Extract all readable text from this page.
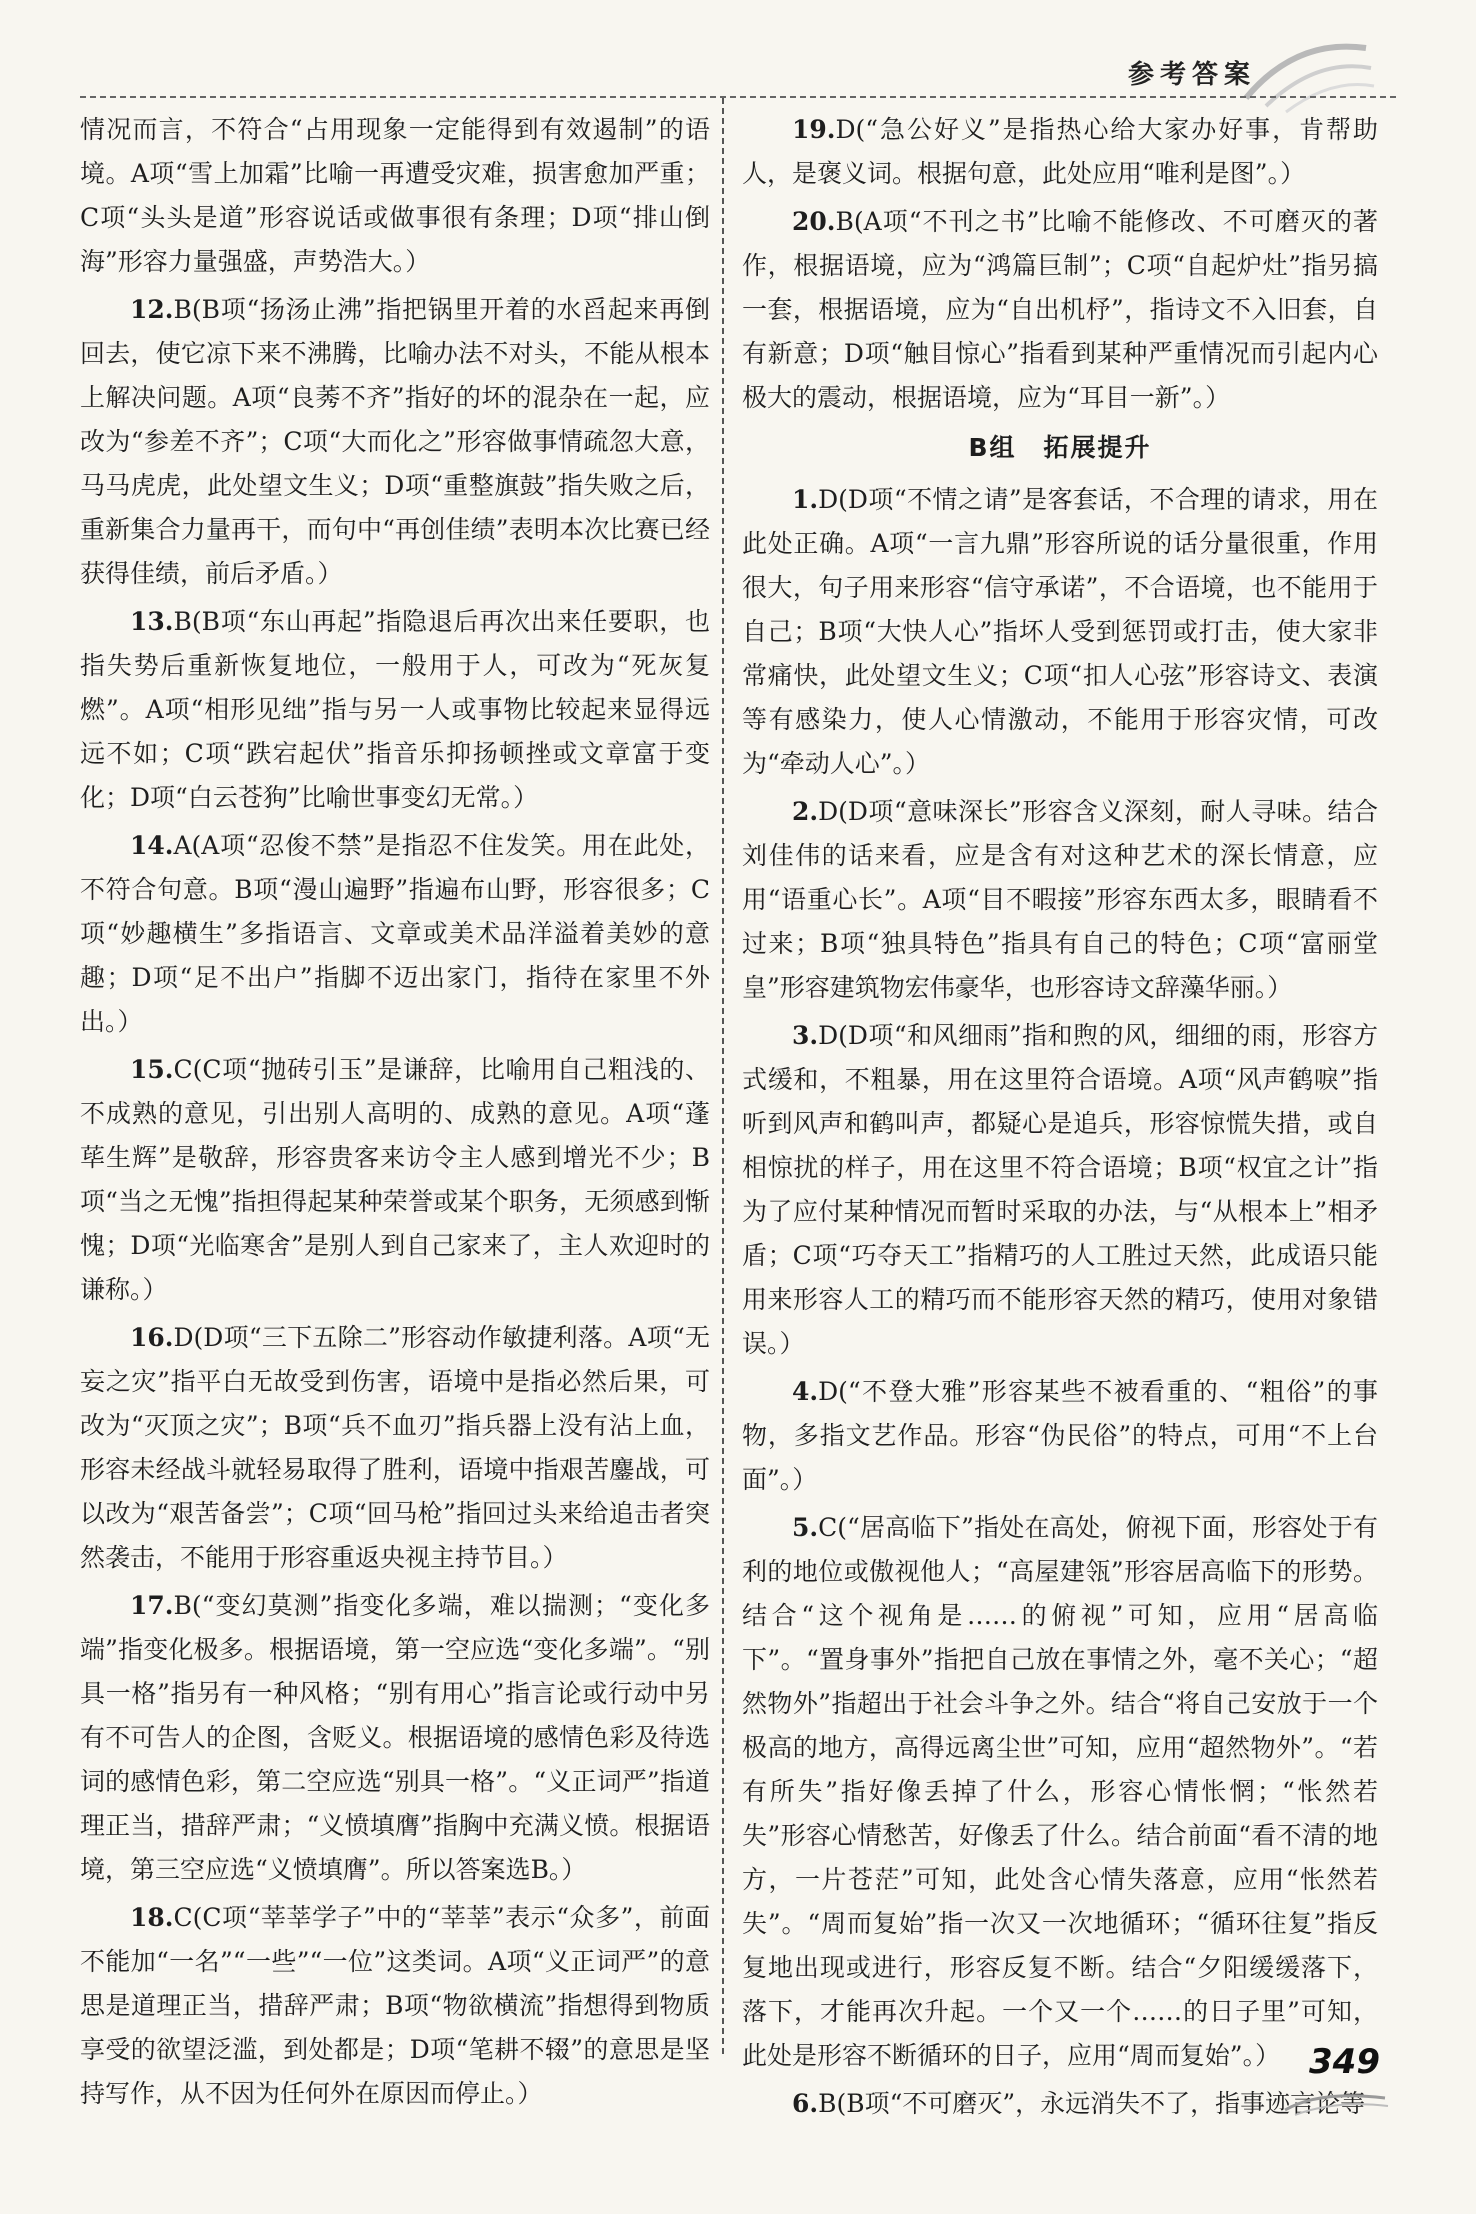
参考答案

情况而言，不符合“占用现象一定能得到有效遏制”的语境。A项“雪上加霜”比喻一再遭受灾难，损害愈加严重；C项“头头是道”形容说话或做事很有条理；D项“排山倒海”形容力量强盛，声势浩大。）

12.B(B项“扬汤止沸”指把锅里开着的水舀起来再倒回去，使它凉下来不沸腾，比喻办法不对头，不能从根本上解决问题。A项“良莠不齐”指好的坏的混杂在一起，应改为“参差不齐”；C项“大而化之”形容做事情疏忽大意，马马虎虎，此处望文生义；D项“重整旗鼓”指失败之后，重新集合力量再干，而句中“再创佳绩”表明本次比赛已经获得佳绩，前后矛盾。）

13.B(B项“东山再起”指隐退后再次出来任要职，也指失势后重新恢复地位，一般用于人，可改为“死灰复燃”。A项“相形见绌”指与另一人或事物比较起来显得远远不如；C项“跌宕起伏”指音乐抑扬顿挫或文章富于变化；D项“白云苍狗”比喻世事变幻无常。）

14.A(A项“忍俊不禁”是指忍不住发笑。用在此处，不符合句意。B项“漫山遍野”指遍布山野，形容很多；C项“妙趣横生”多指语言、文章或美术品洋溢着美妙的意趣；D项“足不出户”指脚不迈出家门，指待在家里不外出。）

15.C(C项“抛砖引玉”是谦辞，比喻用自己粗浅的、不成熟的意见，引出别人高明的、成熟的意见。A项“蓬荜生辉”是敬辞，形容贵客来访令主人感到增光不少；B项“当之无愧”指担得起某种荣誉或某个职务，无须感到惭愧；D项“光临寒舍”是别人到自己家来了，主人欢迎时的谦称。）

16.D(D项“三下五除二”形容动作敏捷利落。A项“无妄之灾”指平白无故受到伤害，语境中是指必然后果，可改为“灭顶之灾”；B项“兵不血刃”指兵器上没有沾上血，形容未经战斗就轻易取得了胜利，语境中指艰苦鏖战，可以改为“艰苦备尝”；C项“回马枪”指回过头来给追击者突然袭击，不能用于形容重返央视主持节目。）

17.B(“变幻莫测”指变化多端，难以揣测；“变化多端”指变化极多。根据语境，第一空应选“变化多端”。“别具一格”指另有一种风格；“别有用心”指言论或行动中另有不可告人的企图，含贬义。根据语境的感情色彩及待选词的感情色彩，第二空应选“别具一格”。“义正词严”指道理正当，措辞严肃；“义愤填膺”指胸中充满义愤。根据语境，第三空应选“义愤填膺”。所以答案选B。）

18.C(C项“莘莘学子”中的“莘莘”表示“众多”，前面不能加“一名”“一些”“一位”这类词。A项“义正词严”的意思是道理正当，措辞严肃；B项“物欲横流”指想得到物质享受的欲望泛滥，到处都是；D项“笔耕不辍”的意思是坚持写作，从不因为任何外在原因而停止。）

19.D(“急公好义”是指热心给大家办好事，肯帮助人，是褒义词。根据句意，此处应用“唯利是图”。）

20.B(A项“不刊之书”比喻不能修改、不可磨灭的著作，根据语境，应为“鸿篇巨制”；C项“自起炉灶”指另搞一套，根据语境，应为“自出机杼”，指诗文不入旧套，自有新意；D项“触目惊心”指看到某种严重情况而引起内心极大的震动，根据语境，应为“耳目一新”。）

B组　拓展提升

1.D(D项“不情之请”是客套话，不合理的请求，用在此处正确。A项“一言九鼎”形容所说的话分量很重，作用很大，句子用来形容“信守承诺”，不合语境，也不能用于自己；B项“大快人心”指坏人受到惩罚或打击，使大家非常痛快，此处望文生义；C项“扣人心弦”形容诗文、表演等有感染力，使人心情激动，不能用于形容灾情，可改为“牵动人心”。）

2.D(D项“意味深长”形容含义深刻，耐人寻味。结合刘佳伟的话来看，应是含有对这种艺术的深长情意，应用“语重心长”。A项“目不暇接”形容东西太多，眼睛看不过来；B项“独具特色”指具有自己的特色；C项“富丽堂皇”形容建筑物宏伟豪华，也形容诗文辞藻华丽。）

3.D(D项“和风细雨”指和煦的风，细细的雨，形容方式缓和，不粗暴，用在这里符合语境。A项“风声鹤唳”指听到风声和鹤叫声，都疑心是追兵，形容惊慌失措，或自相惊扰的样子，用在这里不符合语境；B项“权宜之计”指为了应付某种情况而暂时采取的办法，与“从根本上”相矛盾；C项“巧夺天工”指精巧的人工胜过天然，此成语只能用来形容人工的精巧而不能形容天然的精巧，使用对象错误。）

4.D(“不登大雅”形容某些不被看重的、“粗俗”的事物，多指文艺作品。形容“伪民俗”的特点，可用“不上台面”。）

5.C(“居高临下”指处在高处，俯视下面，形容处于有利的地位或傲视他人；“高屋建瓴”形容居高临下的形势。结合“这个视角是……的俯视”可知，应用“居高临下”。“置身事外”指把自己放在事情之外，毫不关心；“超然物外”指超出于社会斗争之外。结合“将自己安放于一个极高的地方，高得远离尘世”可知，应用“超然物外”。“若有所失”指好像丢掉了什么，形容心情怅惘；“怅然若失”形容心情愁苦，好像丢了什么。结合前面“看不清的地方，一片苍茫”可知，此处含心情失落意，应用“怅然若失”。“周而复始”指一次又一次地循环；“循环往复”指反复地出现或进行，形容反复不断。结合“夕阳缓缓落下，落下，才能再次升起。一个又一个……的日子里”可知，此处是形容不断循环的日子，应用“周而复始”。）

6.B(B项“不可磨灭”，永远消失不了，指事迹言论等

349
